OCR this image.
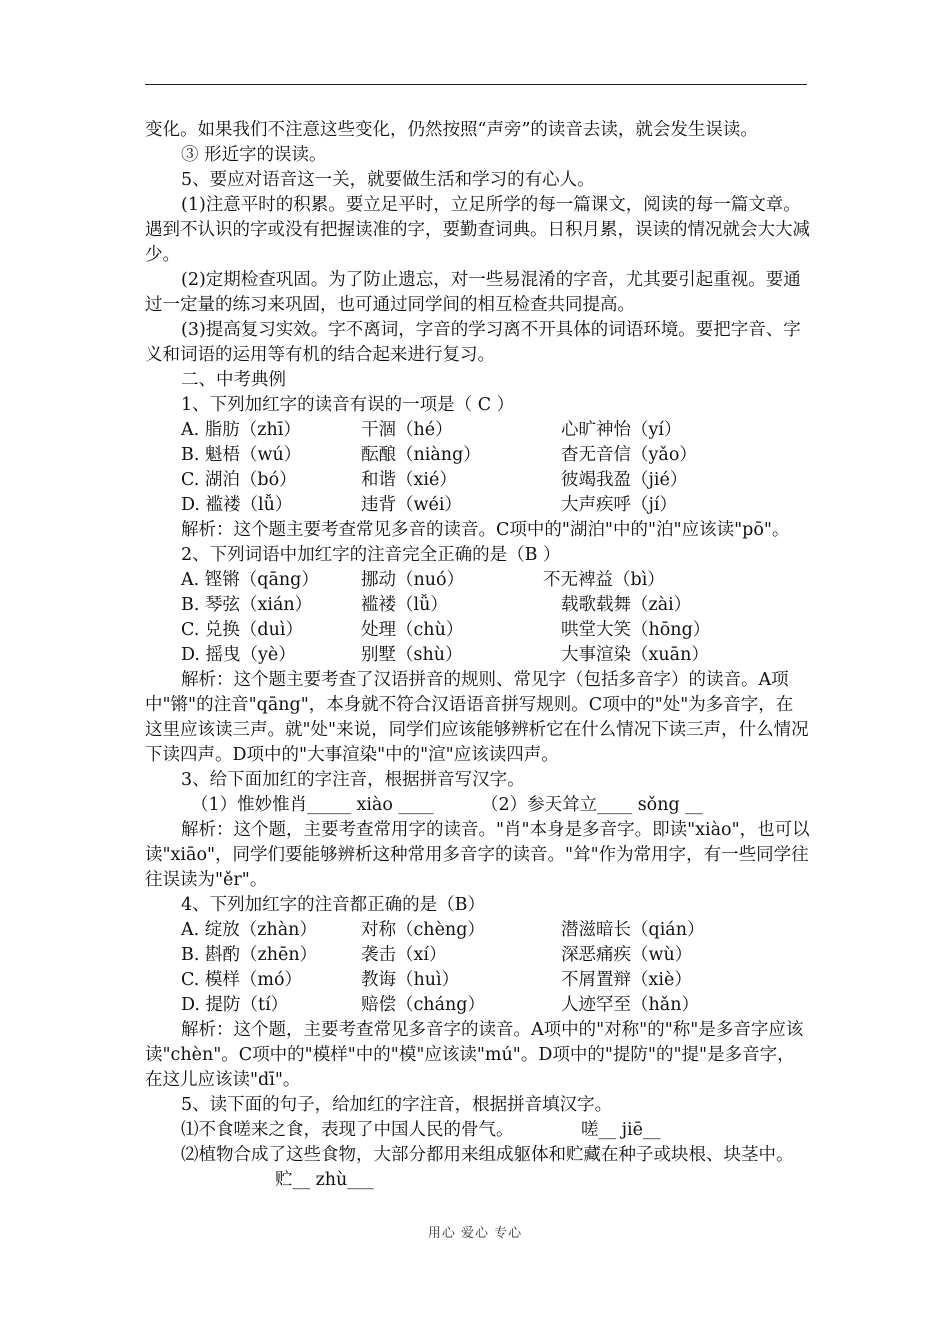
变化。如果我们不注意这些变化，仍然按照“声旁”的读音去读，就会发生误读。

③ 形近字的误读。

5、要应对语音这一关，就要做生活和学习的有心人。

(1)注意平时的积累。要立足平时，立足所学的每一篇课文，阅读的每一篇文章。遇到不认识的字或没有把握读准的字，要勤查词典。日积月累，误读的情况就会大大减少。

(2)定期检查巩固。为了防止遗忘，对一些易混淆的字音，尤其要引起重视。要通过一定量的练习来巩固，也可通过同学间的相互检查共同提高。

(3)提高复习实效。字不离词，字音的学习离不开具体的词语环境。要把字音、字义和词语的运用等有机的结合起来进行复习。

二、中考典例

1、下列加红字的读音有误的一项是（ C ）

A. 脂肪（zhī）	干涸（hé）	心旷神怡（yí）
B. 魁梧（wú）	酝酿（niàng）	杳无音信（yǎo）
C. 湖泊（bó）	和谐（xié）	彼竭我盈（jié）
D. 褴褛（lǚ）	违背（wéi）	大声疾呼（jí）

解析：这个题主要考查常见多音的读音。C项中的"湖泊"中的"泊"应该读"pō"。

2、下列词语中加红字的注音完全正确的是（B ）

A. 铿锵（qāng）	挪动（nuó）	不无裨益（bì）
B. 琴弦（xián）	褴褛（lǚ）	载歌载舞（zài）
C. 兑换（duì）	处理（chù）	哄堂大笑（hōng）
D. 摇曳（yè）	别墅（shù）	大事渲染（xuān）

解析：这个题主要考查了汉语拼音的规则、常见字（包括多音字）的读音。A项中"锵"的注音"qāng"，本身就不符合汉语语音拼写规则。C项中的"处"为多音字，在这里应该读三声。就"处"来说，同学们应该能够辨析它在什么情况下读三声，什么情况下读四声。D项中的"大事渲染"中的"渲"应该读四声。

3、给下面加红的字注音，根据拼音写汉字。

（1）惟妙惟肖_____ xiào ____	（2）参天耸立____ sǒng __

解析：这个题，主要考查常用字的读音。"肖"本身是多音字。即读"xiào"，也可以读"xiāo"，同学们要能够辨析这种常用多音字的读音。"耸"作为常用字，有一些同学往往误读为"ěr"。

4、下列加红字的注音都正确的是（B）

A. 绽放（zhàn）	对称（chèng）	潜滋暗长（qián）
B. 斟酌（zhēn）	袭击（xí）	深恶痛疾（wù）
C. 模样（mó）	教诲（huì）	不屑置辩（xiè）
D. 提防（tí）	赔偿（cháng）	人迹罕至（hǎn）

解析：这个题，主要考查常见多音字的读音。A项中的"对称"的"称"是多音字应该读"chèn"。C项中的"模样"中的"模"应该读"mú"。D项中的"提防"的"提"是多音字，在这儿应该读"dī"。

5、读下面的句子，给加红的字注音，根据拼音填汉字。

⑴不食嗟来之食，表现了中国人民的骨气。	嗟__ jiē__

⑵植物合成了这些食物，大部分都用来组成躯体和贮藏在种子或块根、块茎中。贮__ zhù___

用心 爱心 专心
